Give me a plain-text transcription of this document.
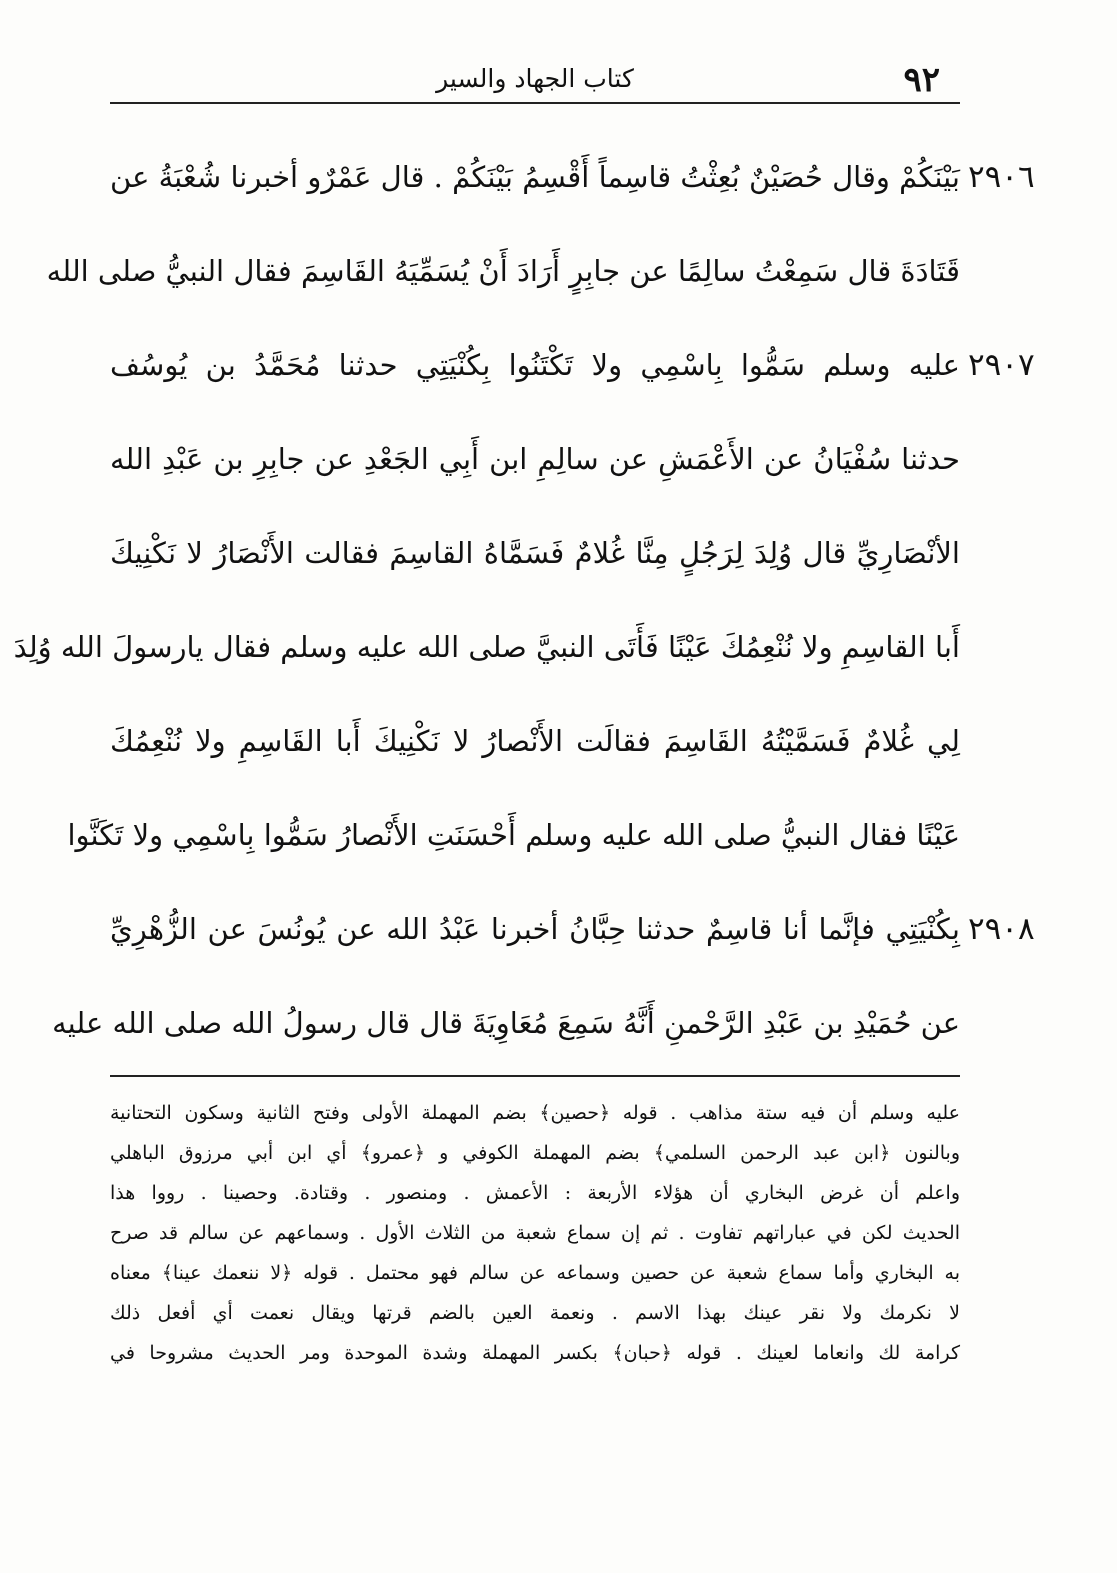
٩٢
كتاب الجهاد والسير
بَيْنَكُمْ وقال حُصَيْنٌ بُعِثْتُ قاسِماً أَقْسِمُ بَيْنَكُمْ . قال عَمْرٌو أخبرنا شُعْبَةُ عن
قَتَادَةَ قال سَمِعْتُ سالِمًا عن جابِرٍ أَرَادَ أَنْ يُسَمِّيَهُ القَاسِمَ فقال النبيُّ صلى الله
عليه وسلم سَمُّوا بِاسْمِي ولا تَكْتَنُوا بِكُنْيَتِي حدثنا مُحَمَّدُ بن يُوسُف
حدثنا سُفْيَانُ عن الأَعْمَشِ عن سالِمِ ابن أَبِي الجَعْدِ عن جابِرِ بن عَبْدِ الله
الأنْصَارِيِّ قال وُلِدَ لِرَجُلٍ مِنَّا غُلامٌ فَسَمَّاهُ القاسِمَ فقالت الأَنْصَارُ لا نَكْنِيكَ
أَبا القاسِمِ ولا نُنْعِمُكَ عَيْنًا فَأَتَى النبيَّ صلى الله عليه وسلم فقال يارسولَ الله وُلِدَ
لِي غُلامٌ فَسَمَّيْتُهُ القَاسِمَ فقالَت الأَنْصارُ لا نَكْنِيكَ أَبا القَاسِمِ ولا نُنْعِمُكَ
عَيْنًا فقال النبيُّ صلى الله عليه وسلم أَحْسَنَتِ الأَنْصارُ سَمُّوا بِاسْمِي ولا تَكَنَّوا
بِكُنْيَتِي فإنَّما أنا قاسِمٌ حدثنا حِبَّانُ أخبرنا عَبْدُ الله عن يُونُسَ عن الزُّهْرِيِّ
عن حُمَيْدِ بن عَبْدِ الرَّحْمنِ أَنَّهُ سَمِعَ مُعَاوِيَةَ قال قال رسولُ الله صلى الله عليه
٢٩٠٦
٢٩٠٧
٢٩٠٨
عليه وسلم أن فيه ستة مذاهب . قوله ﴿حصين﴾ بضم المهملة الأولى وفتح الثانية وسكون التحتانية
وبالنون ﴿ابن عبد الرحمن السلمي﴾ بضم المهملة الكوفي و ﴿عمرو﴾ أي ابن أبي مرزوق الباهلي
واعلم أن غرض البخاري أن هؤلاء الأربعة : الأعمش . ومنصور . وقتادة. وحصينا . رووا هذا
الحديث لكن في عباراتهم تفاوت . ثم إن سماع شعبة من الثلاث الأول . وسماعهم عن سالم قد صرح
به البخاري وأما سماع شعبة عن حصين وسماعه عن سالم فهو محتمل . قوله ﴿لا ننعمك عينا﴾ معناه
لا نكرمك ولا نقر عينك بهذا الاسم . ونعمة العين بالضم قرتها ويقال نعمت أي أفعل ذلك
كرامة لك وانعاما لعينك . قوله ﴿حبان﴾ بكسر المهملة وشدة الموحدة ومر الحديث مشروحا في
